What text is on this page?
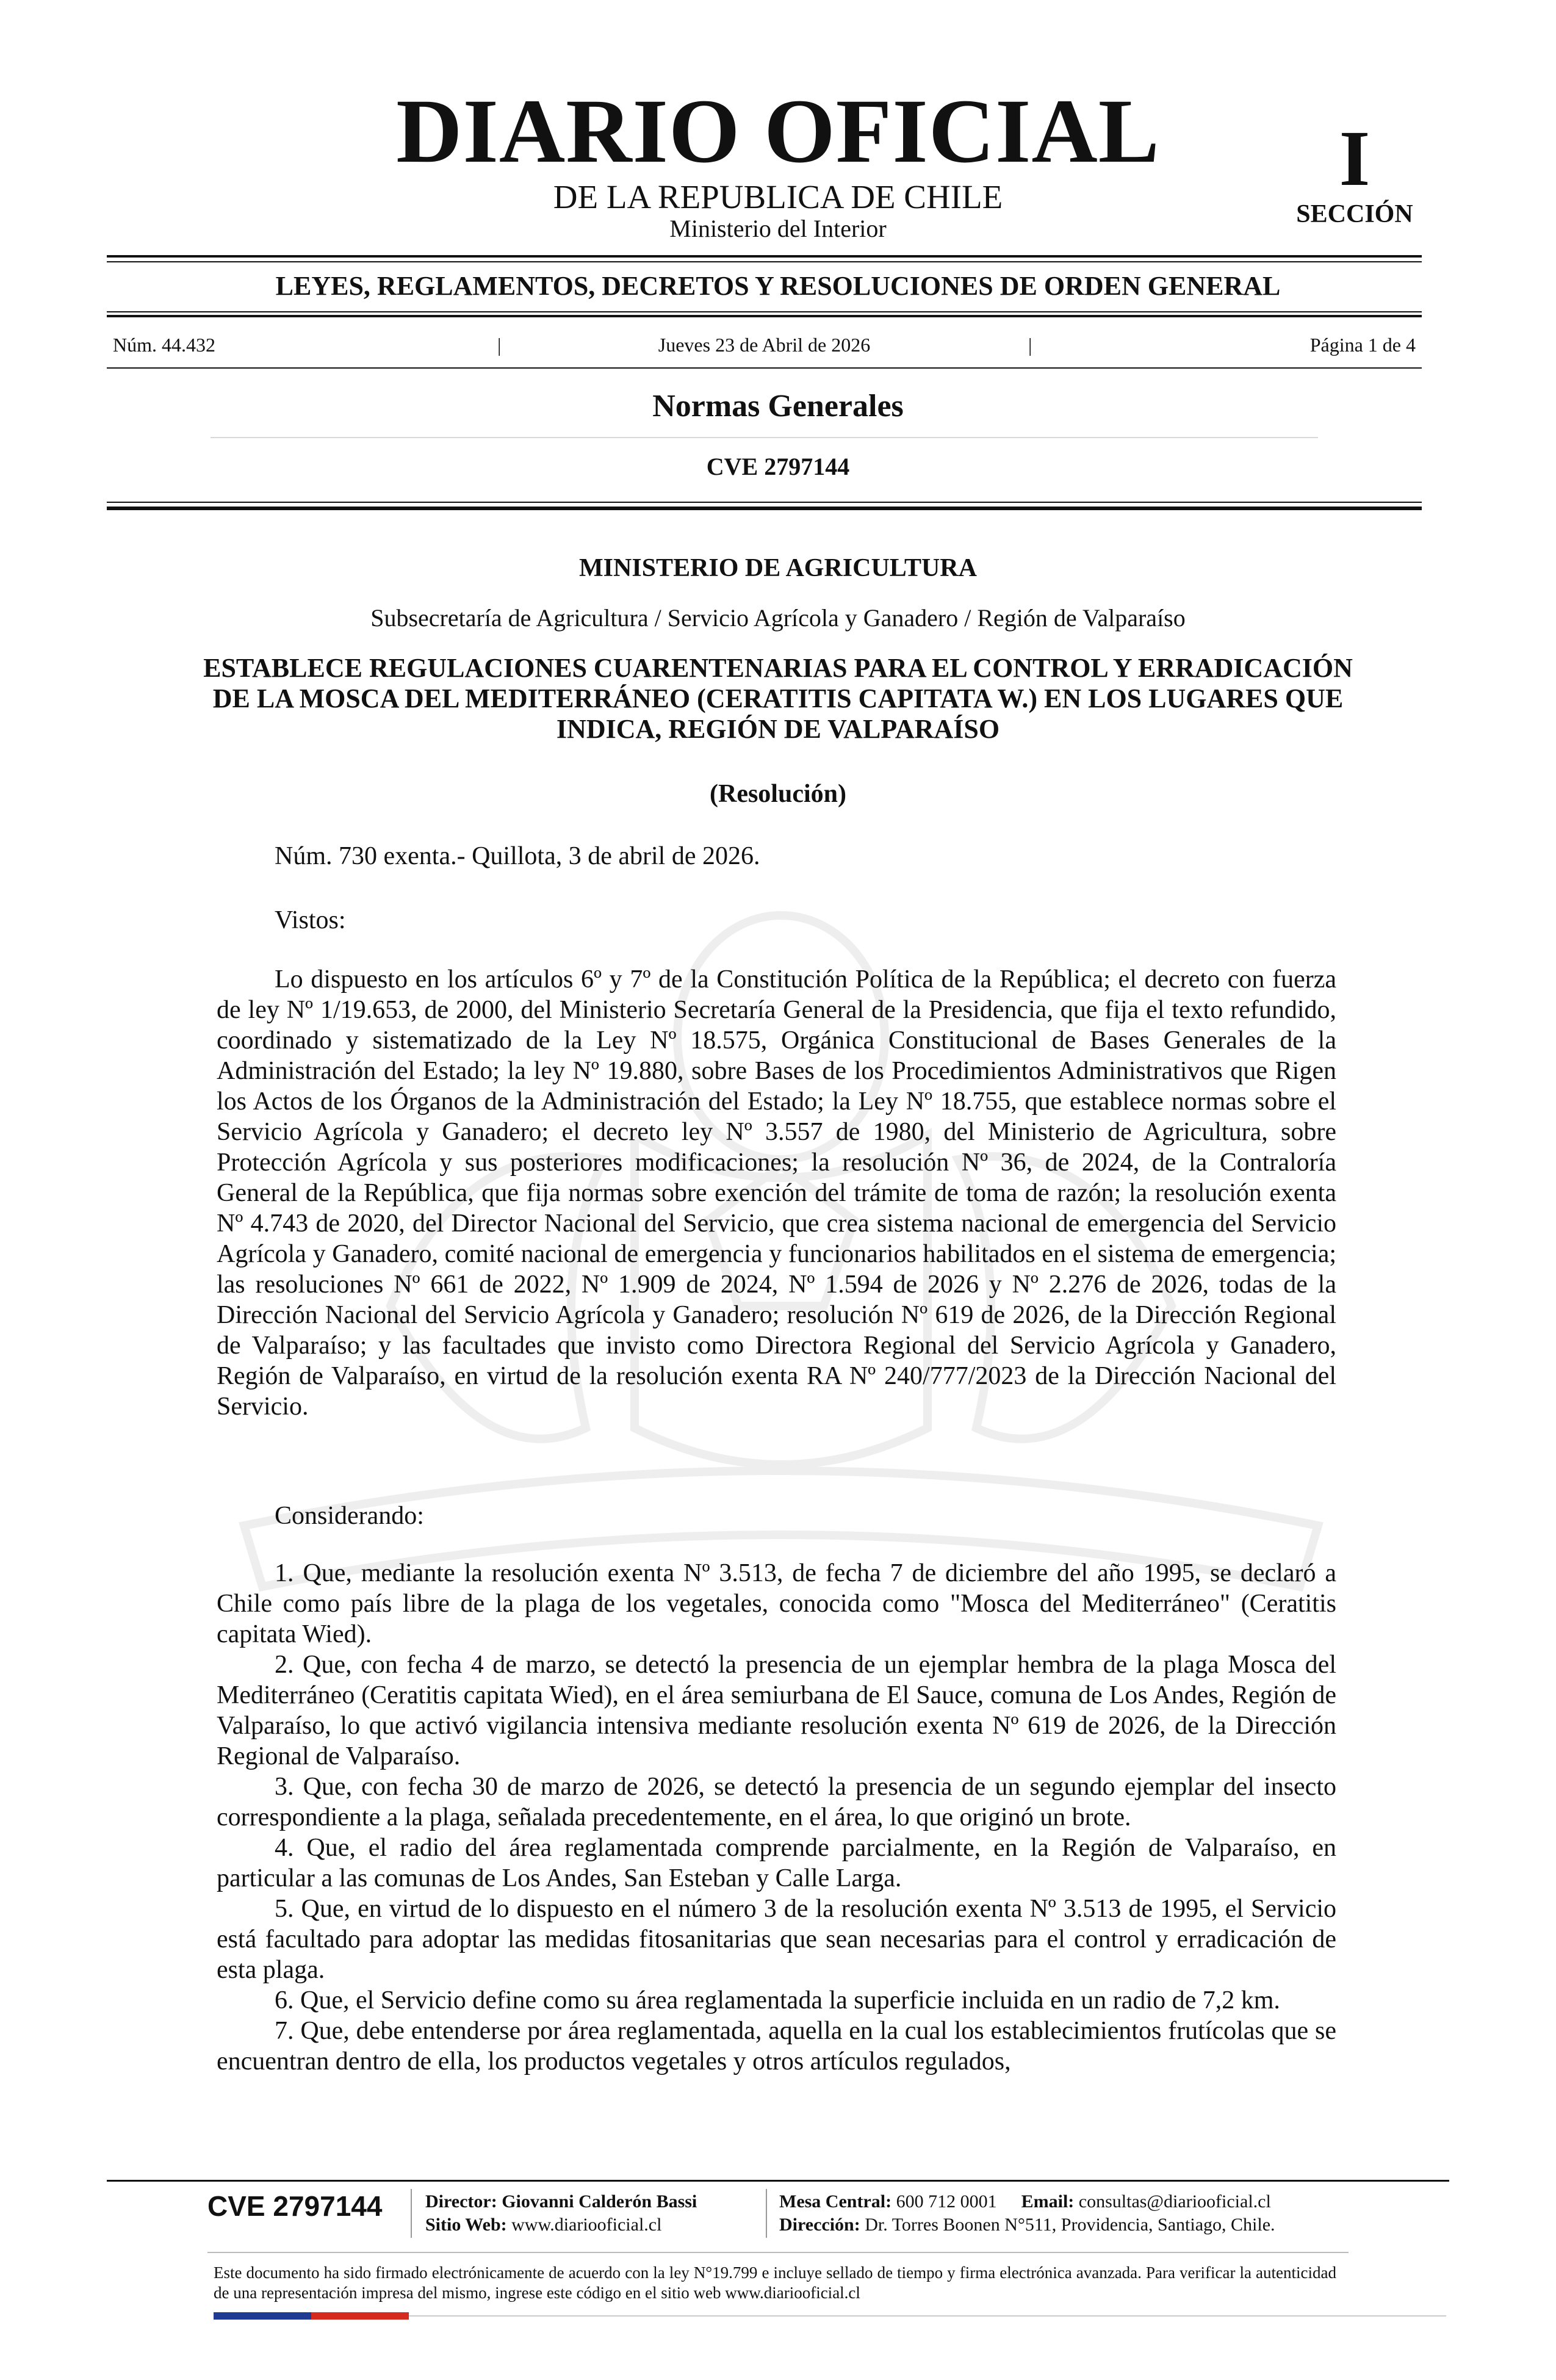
DIARIO OFICIAL
DE LA REPUBLICA DE CHILE
Ministerio del Interior
I
SECCIÓN
LEYES, REGLAMENTOS, DECRETOS Y RESOLUCIONES DE ORDEN GENERAL
Núm. 44.432	|	Jueves 23 de Abril de 2026	|	Página 1 de 4
Normas Generales
CVE 2797144
MINISTERIO DE AGRICULTURA
Subsecretaría de Agricultura / Servicio Agrícola y Ganadero / Región de Valparaíso
ESTABLECE REGULACIONES CUARENTENARIAS PARA EL CONTROL Y ERRADICACIÓN DE LA MOSCA DEL MEDITERRÁNEO (CERATITIS CAPITATA W.) EN LOS LUGARES QUE INDICA, REGIÓN DE VALPARAÍSO
(Resolución)
Núm. 730 exenta.- Quillota, 3 de abril de 2026.
Vistos:
Lo dispuesto en los artículos 6º y 7º de la Constitución Política de la República; el decreto con fuerza de ley Nº 1/19.653, de 2000, del Ministerio Secretaría General de la Presidencia, que fija el texto refundido, coordinado y sistematizado de la Ley Nº 18.575, Orgánica Constitucional de Bases Generales de la Administración del Estado; la ley Nº 19.880, sobre Bases de los Procedimientos Administrativos que Rigen los Actos de los Órganos de la Administración del Estado; la Ley Nº 18.755, que establece normas sobre el Servicio Agrícola y Ganadero; el decreto ley Nº 3.557 de 1980, del Ministerio de Agricultura, sobre Protección Agrícola y sus posteriores modificaciones; la resolución Nº 36, de 2024, de la Contraloría General de la República, que fija normas sobre exención del trámite de toma de razón; la resolución exenta Nº 4.743 de 2020, del Director Nacional del Servicio, que crea sistema nacional de emergencia del Servicio Agrícola y Ganadero, comité nacional de emergencia y funcionarios habilitados en el sistema de emergencia; las resoluciones Nº 661 de 2022, Nº 1.909 de 2024, Nº 1.594 de 2026 y Nº 2.276 de 2026, todas de la Dirección Nacional del Servicio Agrícola y Ganadero; resolución Nº 619 de 2026, de la Dirección Regional de Valparaíso; y las facultades que invisto como Directora Regional del Servicio Agrícola y Ganadero, Región de Valparaíso, en virtud de la resolución exenta RA Nº 240/777/2023 de la Dirección Nacional del Servicio.
Considerando:
1. Que, mediante la resolución exenta Nº 3.513, de fecha 7 de diciembre del año 1995, se declaró a Chile como país libre de la plaga de los vegetales, conocida como "Mosca del Mediterráneo" (Ceratitis capitata Wied).
2. Que, con fecha 4 de marzo, se detectó la presencia de un ejemplar hembra de la plaga Mosca del Mediterráneo (Ceratitis capitata Wied), en el área semiurbana de El Sauce, comuna de Los Andes, Región de Valparaíso, lo que activó vigilancia intensiva mediante resolución exenta Nº 619 de 2026, de la Dirección Regional de Valparaíso.
3. Que, con fecha 30 de marzo de 2026, se detectó la presencia de un segundo ejemplar del insecto correspondiente a la plaga, señalada precedentemente, en el área, lo que originó un brote.
4. Que, el radio del área reglamentada comprende parcialmente, en la Región de Valparaíso, en particular a las comunas de Los Andes, San Esteban y Calle Larga.
5. Que, en virtud de lo dispuesto en el número 3 de la resolución exenta Nº 3.513 de 1995, el Servicio está facultado para adoptar las medidas fitosanitarias que sean necesarias para el control y erradicación de esta plaga.
6. Que, el Servicio define como su área reglamentada la superficie incluida en un radio de 7,2 km.
7. Que, debe entenderse por área reglamentada, aquella en la cual los establecimientos frutícolas que se encuentran dentro de ella, los productos vegetales y otros artículos regulados,
CVE 2797144	Director: Giovanni Calderón Bassi
Sitio Web: www.diariooficial.cl
Mesa Central: 600 712 0001 Email: consultas@diariooficial.cl
Dirección: Dr. Torres Boonen N°511, Providencia, Santiago, Chile.
Este documento ha sido firmado electrónicamente de acuerdo con la ley N°19.799 e incluye sellado de tiempo y firma electrónica avanzada. Para verificar la autenticidad de una representación impresa del mismo, ingrese este código en el sitio web www.diariooficial.cl
